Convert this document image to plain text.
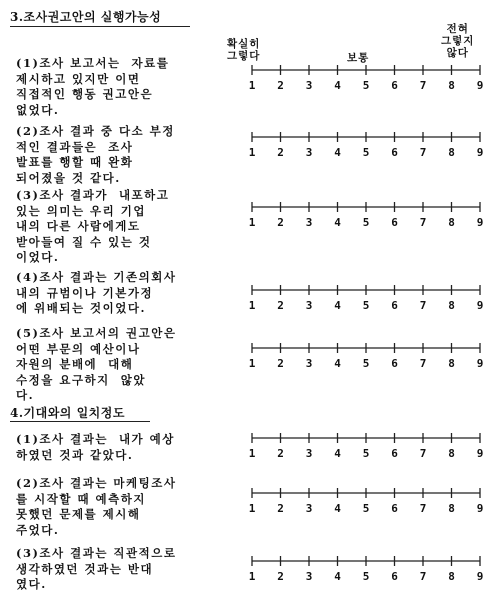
3.조사권고안의 실행가능성
확실히
그렇다	보통
전혀
그렇지
않다
(1)조사 보고서는  자료를
제시하고 있지만 이면
직접적인 행동 권고안은
없었다.
1 2 3 4 5 6 7 8 9
(2)조사 결과 중 다소 부정
적인 결과들은  조사
발표를 행할 때 완화
되어졌을 것 같다.
1 2 3 4 5 6 7 8 9
(3)조사 결과가  내포하고
있는 의미는 우리 기업
내의 다른 사람에게도
받아들여 질 수 있는 것
이었다.
1 2 3 4 5 6 7 8 9
(4)조사 결과는 기존의회사
내의 규범이나 기본가정
에 위배되는 것이었다.	1 2 3 4 5 6 7 8 9
(5)조사 보고서의 권고안은
어떤 부문의 예산이나
자원의 분배에  대해
수정을 요구하지  않았
다.
1 2 3 4 5 6 7 8 9
4.기대와의 일치정도
(1)조사 결과는  내가 예상
하였던 것과 같았다.	1 2 3 4 5 6 7 8 9
(2)조사 결과는 마케팅조사
를 시작할 때 예측하지
못했던 문제를 제시해
주었다.
1 2 3 4 5 6 7 8 9
(3)조사 결과는 직관적으로
생각하였던 것과는 반대
였다.
1 2 3 4 5 6 7 8 9
